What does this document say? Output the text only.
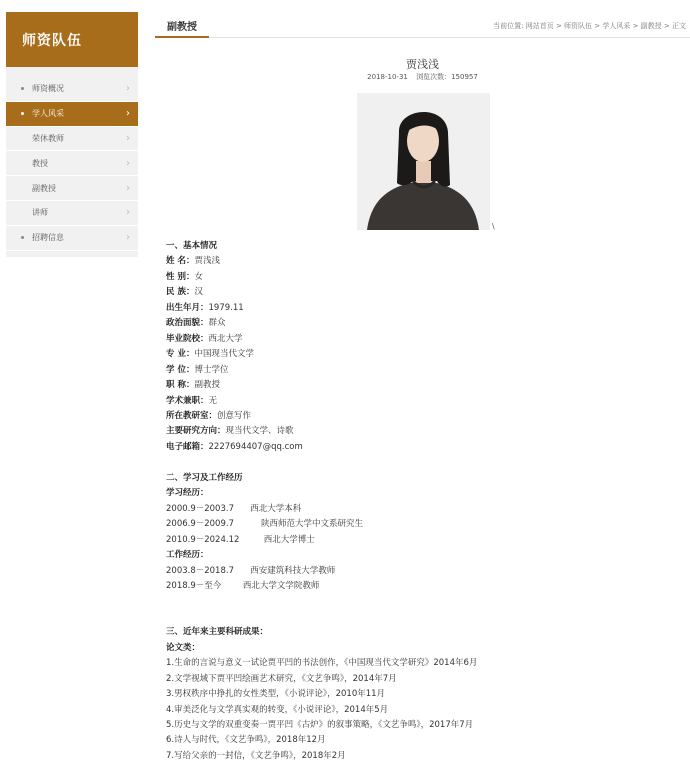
师资队伍
师资概况	›
学人风采	›
荣休教师	›
教授	›
副教授	›
讲师	›
招聘信息	›
副教授	当前位置: 网站首页 > 师资队伍 > 学人风采 > 副教授 > 正文
贾浅浅
2018-10-31 浏览次数：150957
\
一、基本情况
姓 名：贾浅浅
性 别：女
民 族：汉
出生年月：1979.11
政治面貌：群众
毕业院校：西北大学
专 业：中国现当代文学
学 位：博士学位
职 称：副教授
学术兼职：无
所在教研室：创意写作
主要研究方向：现当代文学、诗歌
电子邮箱：222769440​7@qq.com
二、学习及工作经历
学习经历：
2000.9－2003.7 西北大学本科
2006.9－2009.7	陕西师范大学中文系研究生
2010.9－2024.12	西北大学博士
工作经历：
2003.8－2018.7 西安建筑科技大学教师
2018.9－至今	西北大学文学院教师
三、近年来主要科研成果：
论文类：
1.生命的言说与意义一试论贾平凹的书法创作，《中国现当代文学研究》2014年6月
2.文学视域下贾平凹绘画艺术研究，《文艺争鸣》，2014年7月
3.男权秩序中挣扎的女性类型，《小说评论》，2010年11月
4.审美泛化与文学真实观的转变，《小说评论》，2014年5月
5.历史与文学的双重变奏一贾平凹《古炉》的叙事策略，《文艺争鸣》，2017年7月
6.诗人与时代，《文艺争鸣》，2018年12月
7.写给父亲的一封信，《文艺争鸣》，2018年2月
